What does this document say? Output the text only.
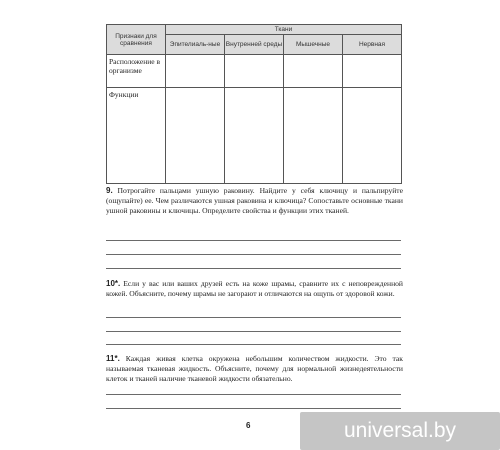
Признаки для сравнения	Ткани			
	Эпителиаль-ные	Внутренней среды	Мышечные	Нервная
Расположение в организме				
Функции				
9. Потрогайте пальцами ушную раковину. Найдите у себя ключицу и пальпируйте (ощупайте) ее. Чем различаются ушная раковина и ключица? Сопоставьте основные ткани ушной раковины и ключицы. Определите свойства и функции этих тканей.
10*. Если у вас или ваших друзей есть на коже шрамы, сравните их с неповрежденной кожей. Объясните, почему шрамы не загорают и отличаются на ощупь от здоровой кожи.
11*. Каждая живая клетка окружена небольшим количеством жидкости. Это так называемая тканевая жидкость. Объясните, почему для нормальной жизнедеятельности клеток и тканей наличие тканевой жидкости обязательно.
6	universal.by
